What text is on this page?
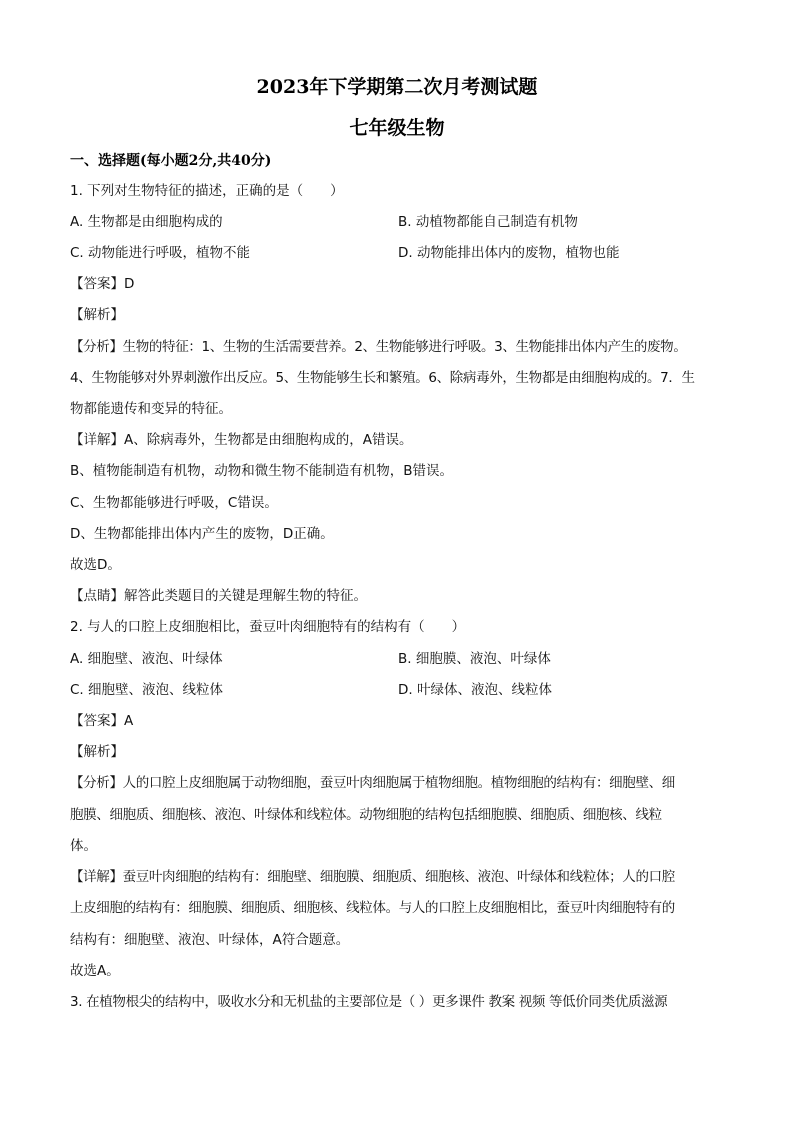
2023年下学期第二次月考测试题
七年级生物
一、选择题(每小题2分,共40分)
1. 下列对生物特征的描述，正确的是（　　）
A. 生物都是由细胞构成的	B. 动植物都能自己制造有机物
C. 动物能进行呼吸，植物不能	D. 动物能排出体内的废物，植物也能
【答案】D
【解析】
【分析】生物的特征：1、生物的生活需要营养。2、生物能够进行呼吸。3、生物能排出体内产生的废物。
4、生物能够对外界刺激作出反应。5、生物能够生长和繁殖。6、除病毒外，生物都是由细胞构成的。7．生
物都能遗传和变异的特征。
【详解】A、除病毒外，生物都是由细胞构成的，A错误。
B、植物能制造有机物，动物和微生物不能制造有机物，B错误。
C、生物都能够进行呼吸，C错误。
D、生物都能排出体内产生的废物，D正确。
故选D。
【点睛】解答此类题目的关键是理解生物的特征。
2. 与人的口腔上皮细胞相比，蚕豆叶肉细胞特有的结构有（　　）
A. 细胞壁、液泡、叶绿体	B. 细胞膜、液泡、叶绿体
C. 细胞壁、液泡、线粒体	D. 叶绿体、液泡、线粒体
【答案】A
【解析】
【分析】人的口腔上皮细胞属于动物细胞，蚕豆叶肉细胞属于植物细胞。植物细胞的结构有：细胞壁、细
胞膜、细胞质、细胞核、液泡、叶绿体和线粒体。动物细胞的结构包括细胞膜、细胞质、细胞核、线粒
体。
【详解】蚕豆叶肉细胞的结构有：细胞壁、细胞膜、细胞质、细胞核、液泡、叶绿体和线粒体；人的口腔
上皮细胞的结构有：细胞膜、细胞质、细胞核、线粒体。与人的口腔上皮细胞相比，蚕豆叶肉细胞特有的
结构有：细胞壁、液泡、叶绿体，A符合题意。
故选A。
3. 在植物根尖的结构中，吸收水分和无机盐的主要部位是（ ）更多课件 教案 视频 等低价同类优质滋源
